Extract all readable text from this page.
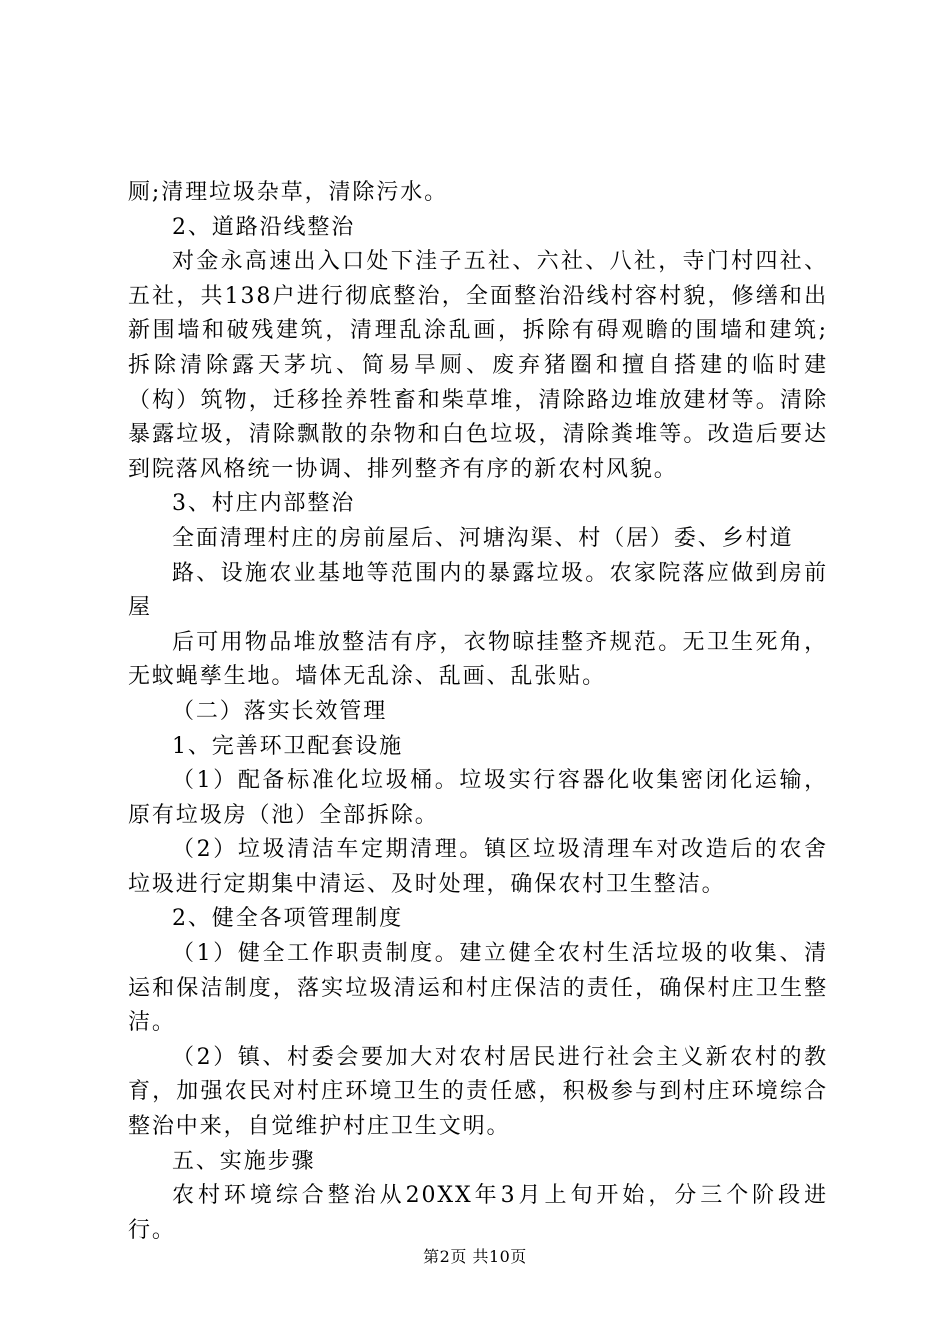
厕;清理垃圾杂草，清除污水。

2、道路沿线整治

对金永高速出入口处下洼子五社、六社、八社，寺门村四社、五社，共138户进行彻底整治，全面整治沿线村容村貌，修缮和出新围墙和破残建筑，清理乱涂乱画，拆除有碍观瞻的围墙和建筑;拆除清除露天茅坑、简易旱厕、废弃猪圈和擅自搭建的临时建（构）筑物，迁移拴养牲畜和柴草堆，清除路边堆放建材等。清除暴露垃圾，清除飘散的杂物和白色垃圾，清除粪堆等。改造后要达到院落风格统一协调、排列整齐有序的新农村风貌。

3、村庄内部整治

全面清理村庄的房前屋后、河塘沟渠、村（居）委、乡村道

路、设施农业基地等范围内的暴露垃圾。农家院落应做到房前屋

后可用物品堆放整洁有序，衣物晾挂整齐规范。无卫生死角，无蚊蝇孳生地。墙体无乱涂、乱画、乱张贴。

（二）落实长效管理

1、完善环卫配套设施

（1）配备标准化垃圾桶。垃圾实行容器化收集密闭化运输，原有垃圾房（池）全部拆除。

（2）垃圾清洁车定期清理。镇区垃圾清理车对改造后的农舍垃圾进行定期集中清运、及时处理，确保农村卫生整洁。

2、健全各项管理制度

（1）健全工作职责制度。建立健全农村生活垃圾的收集、清运和保洁制度，落实垃圾清运和村庄保洁的责任，确保村庄卫生整洁。

（2）镇、村委会要加大对农村居民进行社会主义新农村的教育，加强农民对村庄环境卫生的责任感，积极参与到村庄环境综合整治中来，自觉维护村庄卫生文明。

五、实施步骤

农村环境综合整治从20XX年3月上旬开始，分三个阶段进行。

第2页 共10页
